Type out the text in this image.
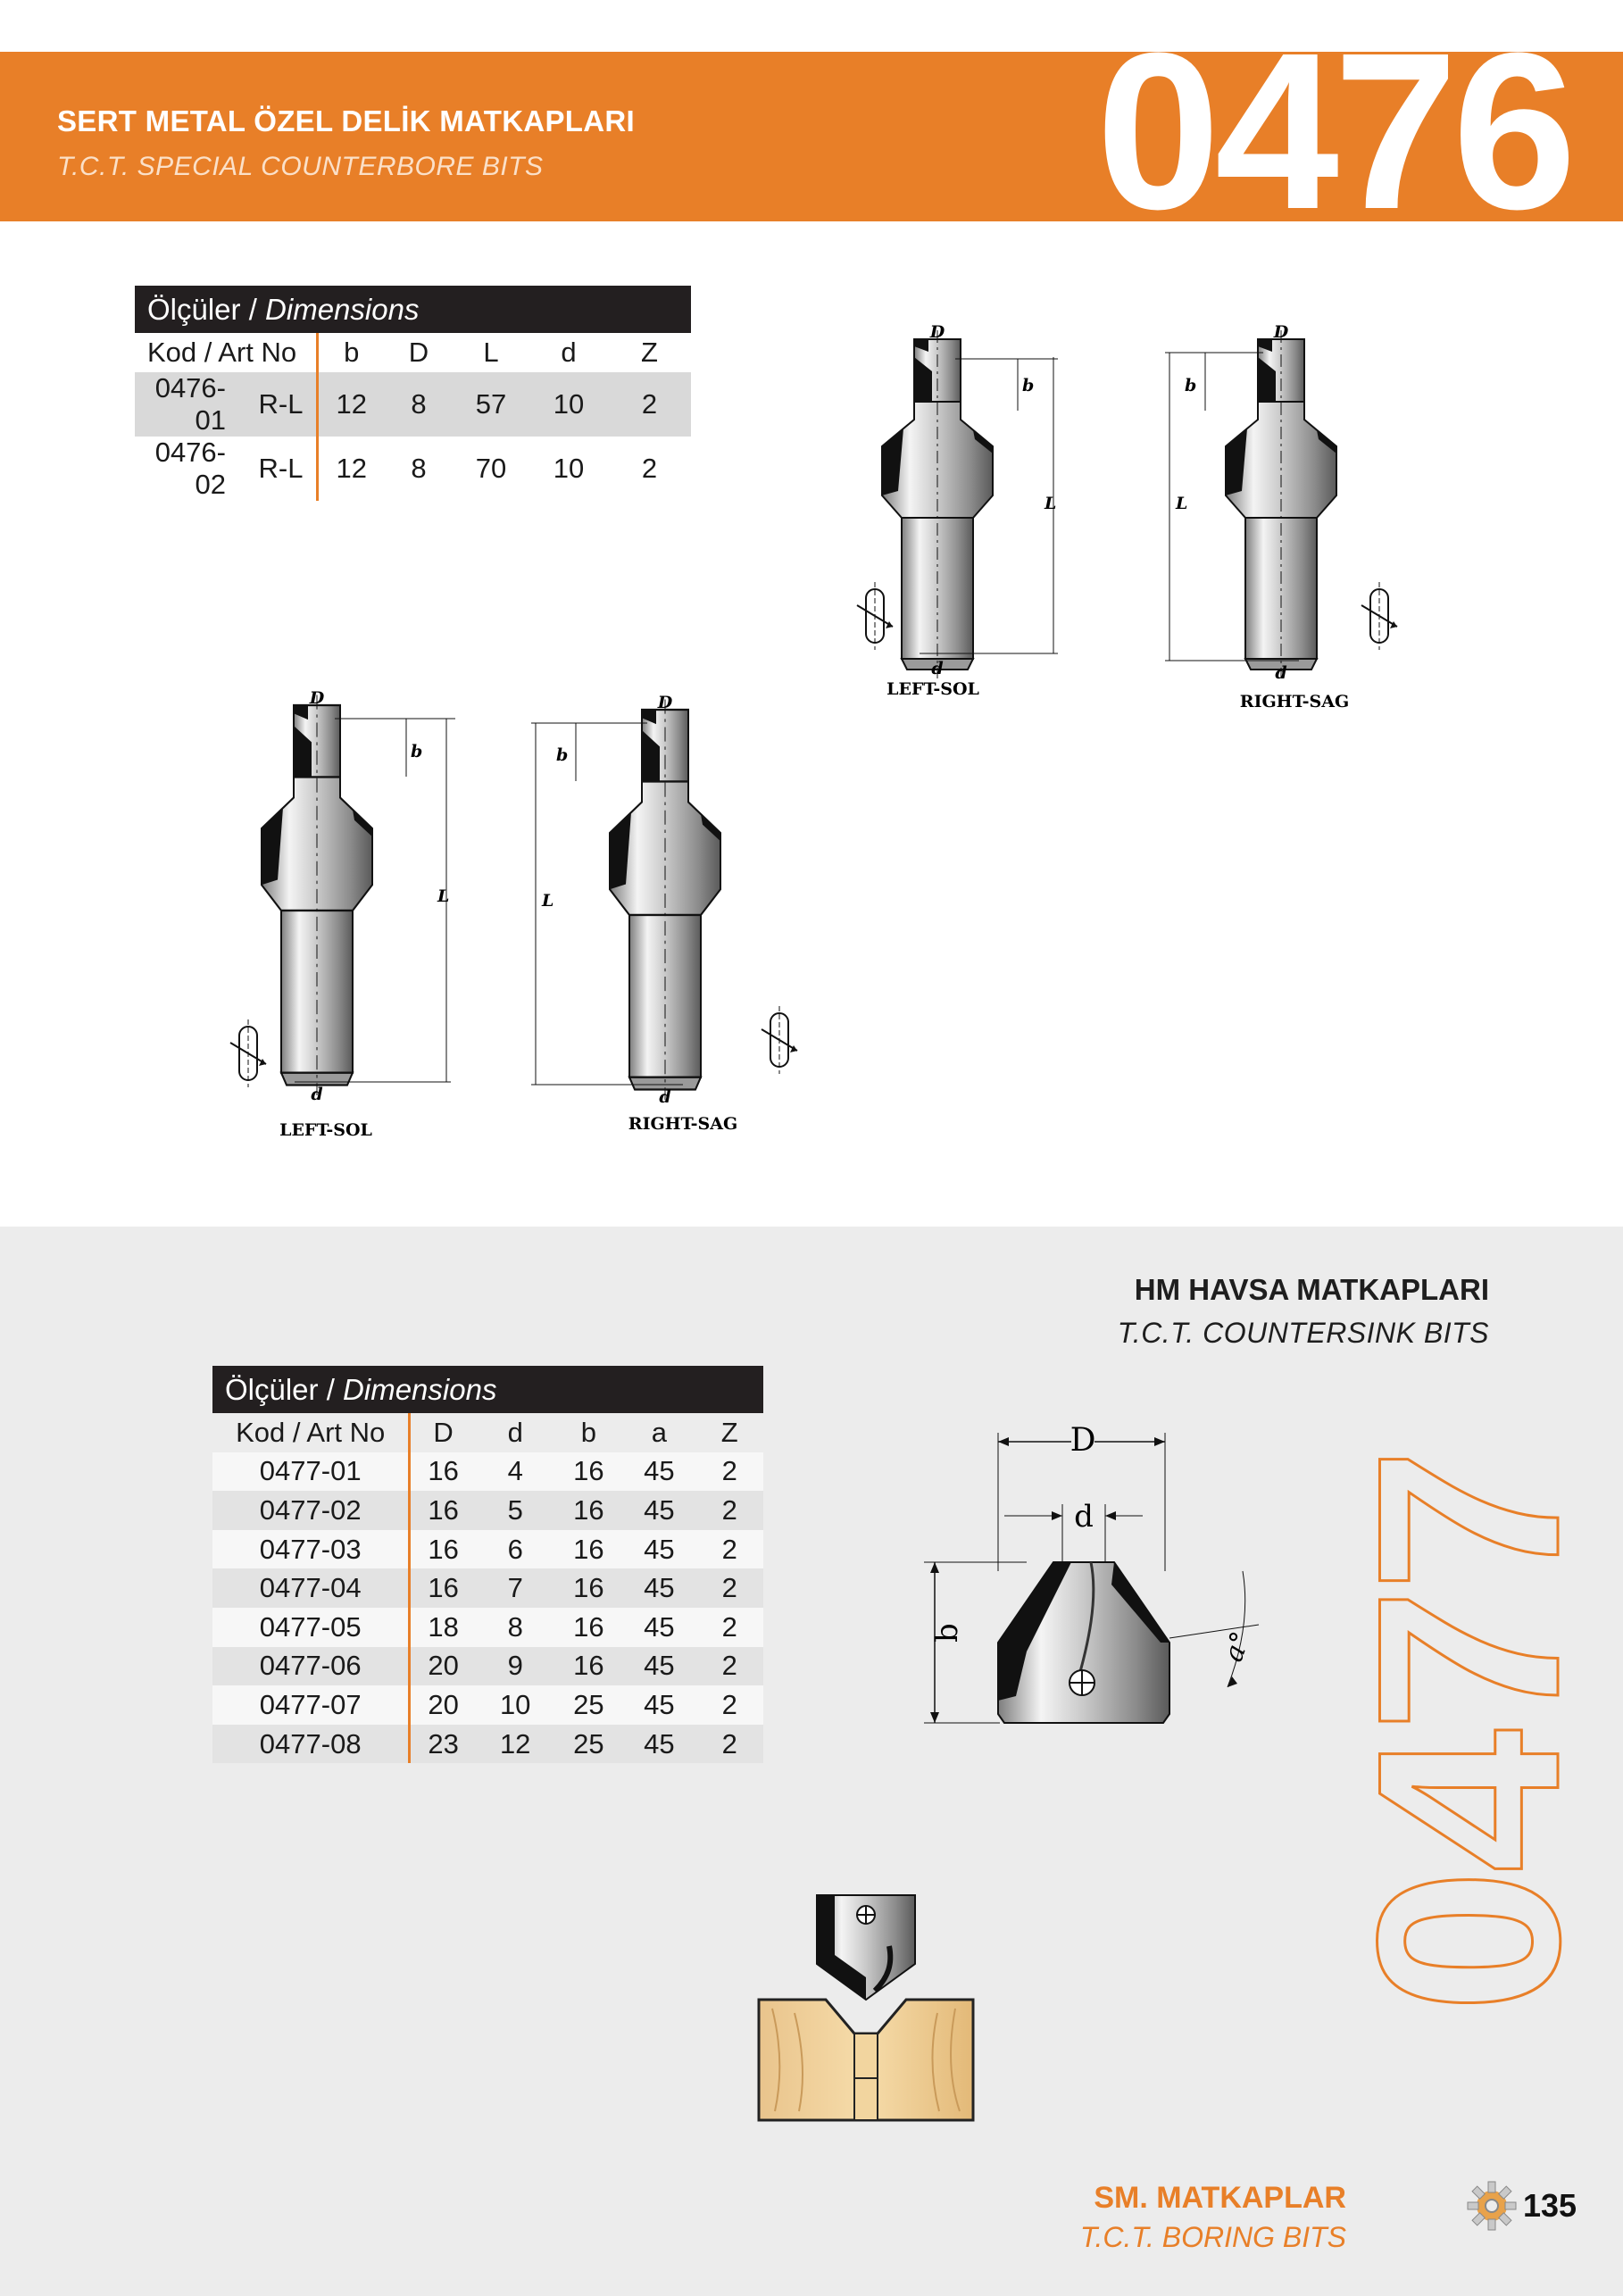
SERT METAL ÖZEL DELİK MATKAPLARI
T.C.T. SPECIAL COUNTERBORE BITS 0476
Ölçüler / Dimensions						
Kod / Art No		b	D	L	d	Z
0476-01	R-L	12	8	57	10	2
0476-02	R-L	12	8	70	10	2
D
b
L
d
LEFT-SOL
D
b
L
d
RIGHT-SAG
D
b
L
d
LEFT-SOL
D
b
L
d
RIGHT-SAG
HM HAVSA MATKAPLARI
T.C.T. COUNTERSINK BITS
Ölçüler / Dimensions					
Kod / Art No	D	d	b	a	Z
0477-01	16	4	16	45	2
0477-02	16	5	16	45	2
0477-03	16	6	16	45	2
0477-04	16	7	16	45	2
0477-05	18	8	16	45	2
0477-06	20	9	16	45	2
0477-07	20	10	25	45	2
0477-08	23	12	25	45	2
D
d
b	a° 0477
SM. MATKAPLAR
T.C.T. BORING BITS
135
